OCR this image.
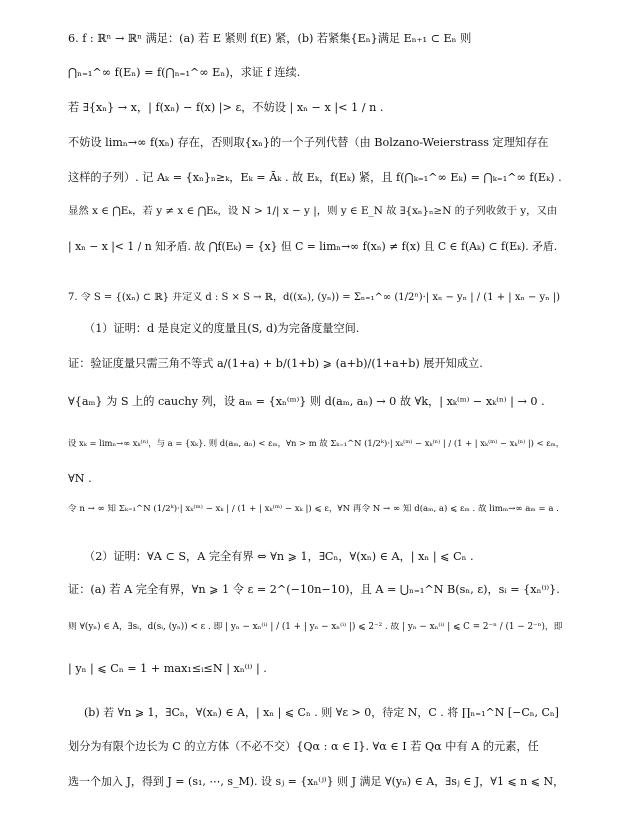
6. f : ℝⁿ → ℝⁿ 满足：(a) 若 E 紧则 f(E) 紧，(b) 若紧集{Eₙ}满足 Eₙ₊₁ ⊂ Eₙ 则
⋂ₙ₌₁^∞ f(Eₙ) = f(⋂ₙ₌₁^∞ Eₙ)，求证 f 连续.
若 ∃{xₙ} → x，| f(xₙ) − f(x) |> ε，不妨设 | xₙ − x |< 1 / n .
不妨设 limₙ→∞ f(xₙ) 存在，否则取{xₙ}的一个子列代替（由 Bolzano-Weierstrass 定理知存在
这样的子列）. 记 Aₖ = {xₙ}ₙ≥ₖ，Eₖ = Āₖ . 故 Eₖ，f(Eₖ) 紧，且 f(⋂ₖ₌₁^∞ Eₖ) = ⋂ₖ₌₁^∞ f(Eₖ) .
显然 x ∈ ⋂Eₖ，若 y ≠ x ∈ ⋂Eₖ，设 N > 1/| x − y |，则 y ∈ E_N 故 ∃{xₙ}ₙ≥N 的子列收敛于 y，又由
| xₙ − x |< 1 / n 知矛盾. 故 ⋂f(Eₖ) = {x} 但 C = limₙ→∞ f(xₙ) ≠ f(x) 且 C ∈ f̄(Aₖ) ⊂ f(Eₖ). 矛盾.
7. 令 S = {(xₙ) ⊂ ℝ} 并定义 d : S × S → ℝ，d((xₙ), (yₙ)) = Σₙ₌₁^∞ (1/2ⁿ)·| xₙ − yₙ | / (1 + | xₙ − yₙ |)
（1）证明：d 是良定义的度量且(S, d)为完备度量空间.
证：验证度量只需三角不等式 a/(1+a) + b/(1+b) ⩾ (a+b)/(1+a+b) 展开知成立.
∀{aₘ} 为 S 上的 cauchy 列，设 aₘ = {xₙ⁽ᵐ⁾} 则 d(aₘ, aₙ) → 0 故 ∀k，| xₖ⁽ᵐ⁾ − xₖ⁽ⁿ⁾ | → 0 .
设 xₖ = limₙ→∞ xₖ⁽ⁿ⁾，与 a = {xₖ}. 则 d(aₘ, aₙ) < εₘ，∀n > m 故 Σₖ₌₁^N (1/2ᵏ)·| xₖ⁽ᵐ⁾ − xₖ⁽ⁿ⁾ | / (1 + | xₖ⁽ᵐ⁾ − xₖ⁽ⁿ⁾ |) < εₘ，
∀N .
令 n → ∞ 知 Σₖ₌₁^N (1/2ᵏ)·| xₖ⁽ᵐ⁾ − xₖ | / (1 + | xₖ⁽ᵐ⁾ − xₖ |) ⩽ ε，∀N 再令 N → ∞ 知 d(aₘ, a) ⩽ εₘ . 故 limₘ→∞ aₘ = a .
（2）证明：∀A ⊂ S，A 完全有界 ⇔ ∀n ⩾ 1，∃Cₙ，∀(xₙ) ∈ A，| xₙ | ⩽ Cₙ .
证：(a) 若 A 完全有界，∀n ⩾ 1 令 ε = 2^(−10n−10)，且 A = ⋃ₙ₌₁^N B(sₙ, ε)，sᵢ = {xₙ⁽ⁱ⁾}.
则 ∀(yₙ) ∈ A，∃sᵢ，d(sᵢ, (yₙ)) < ε . 即 | yₙ − xₙ⁽ⁱ⁾ | / (1 + | yₙ − xₙ⁽ⁱ⁾ |) ⩽ 2⁻² . 故 | yₙ − xₙ⁽ⁱ⁾ | ⩽ C = 2⁻ⁿ / (1 − 2⁻ⁿ)，即
| yₙ | ⩽ Cₙ = 1 + max₁≤ᵢ≤N | xₙ⁽ⁱ⁾ | .
(b) 若 ∀n ⩾ 1，∃Cₙ，∀(xₙ) ∈ A，| xₙ | ⩽ Cₙ . 则 ∀ε > 0，待定 N，C . 将 ∏ₙ₌₁^N [−Cₙ, Cₙ]
划分为有限个边长为 C 的立方体（不必不交）{Qα : α ∈ I}. ∀α ∈ I 若 Qα 中有 A 的元素，任
选一个加入 J，得到 J = (s₁, ⋯, s_M). 设 sⱼ = {xₙ⁽ʲ⁾} 则 J 满足 ∀(yₙ) ∈ A，∃sⱼ ∈ J，∀1 ⩽ n ⩽ N，
